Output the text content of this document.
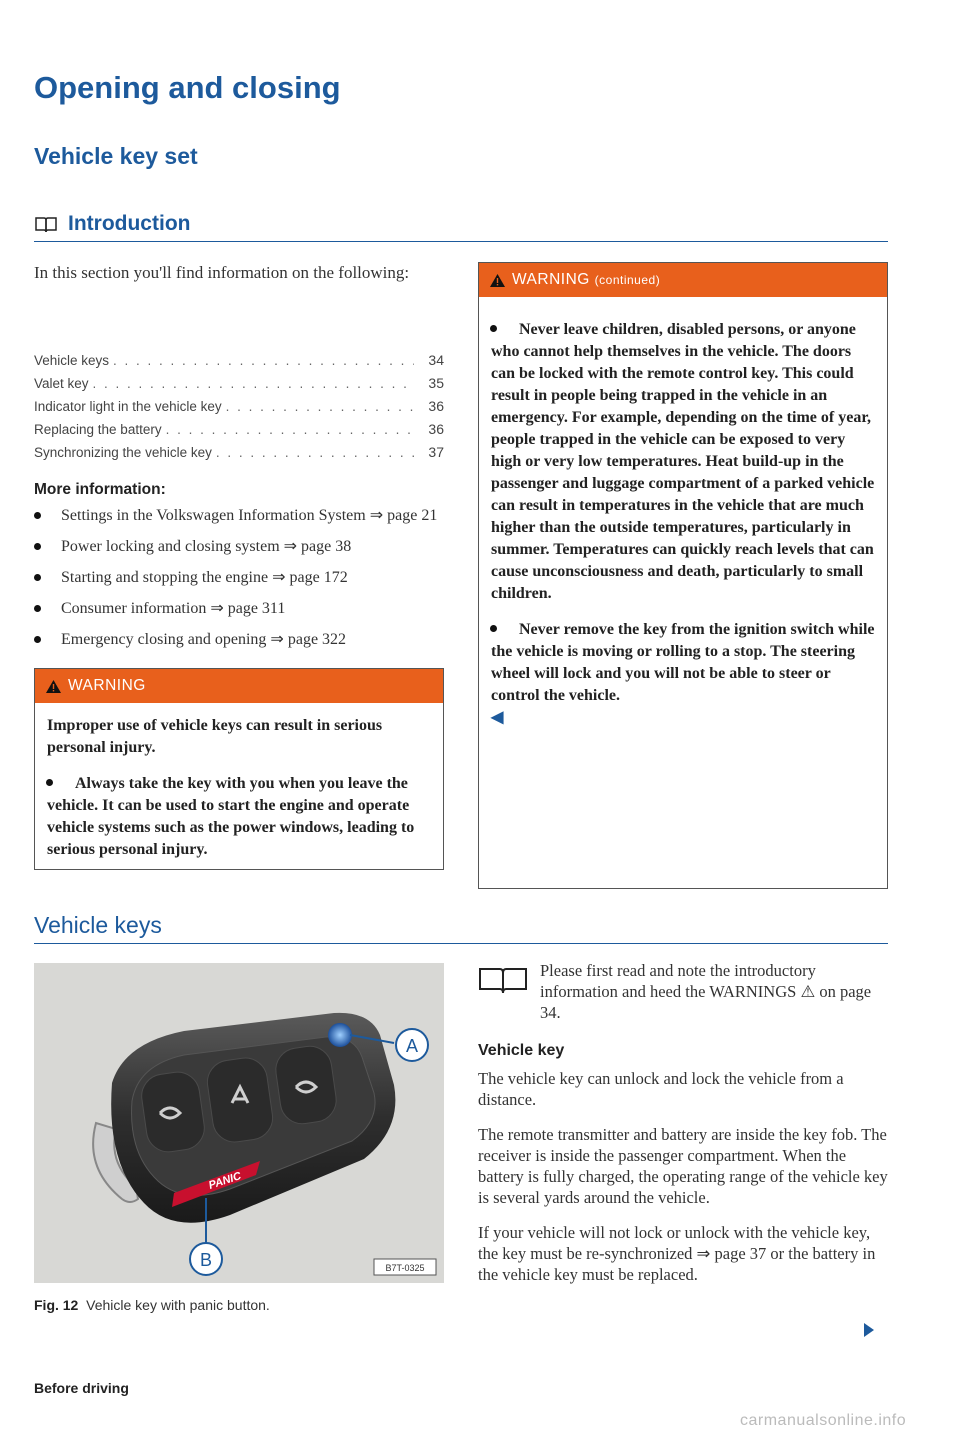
Opening and closing
Vehicle key set
Introduction
In this section you'll find information on the following:
Vehicle keys . . .	34
Valet key . . .	35
Indicator light in the vehicle key . . .	36
Replacing the battery . . .	36
Synchronizing the vehicle key . . .	37
More information:
Settings in the Volkswagen Information System ⇒ page 21
Power locking and closing system ⇒ page 38
Starting and stopping the engine ⇒ page 172
Consumer information ⇒ page 311
Emergency closing and opening ⇒ page 322
WARNING

Improper use of vehicle keys can result in serious personal injury.

Always take the key with you when you leave the vehicle. It can be used to start the engine and operate vehicle systems such as the power windows, leading to serious personal injury.
WARNING (continued)
Never leave children, disabled persons, or anyone who cannot help themselves in the vehicle. The doors can be locked with the remote control key. This could result in people being trapped in the vehicle in an emergency. For example, depending on the time of year, people trapped in the vehicle can be exposed to very high or very low temperatures. Heat build-up in the passenger and luggage compartment of a parked vehicle can result in temperatures in the vehicle that are much higher than the outside temperatures, particularly in summer. Temperatures can quickly reach levels that can cause unconsciousness and death, particularly to small children.
Never remove the key from the ignition switch while the vehicle is moving or rolling to a stop. The steering wheel will lock and you will not be able to steer or control the vehicle.
◀
Vehicle keys
PANIC
A
B	B7T-0325
Fig. 12 Vehicle key with panic button.
Please first read and note the introductory information and heed the WARNINGS ⚠ on page 34.
Vehicle key

The vehicle key can unlock and lock the vehicle from a distance.

The remote transmitter and battery are inside the key fob. The receiver is inside the passenger compartment. When the battery is fully charged, the operating range of the vehicle key is several yards around the vehicle.

If your vehicle will not lock or unlock with the vehicle key, the key must be re-synchronized ⇒ page 37 or the battery in the vehicle key must be replaced.

Before driving
carmanualsonline.info
